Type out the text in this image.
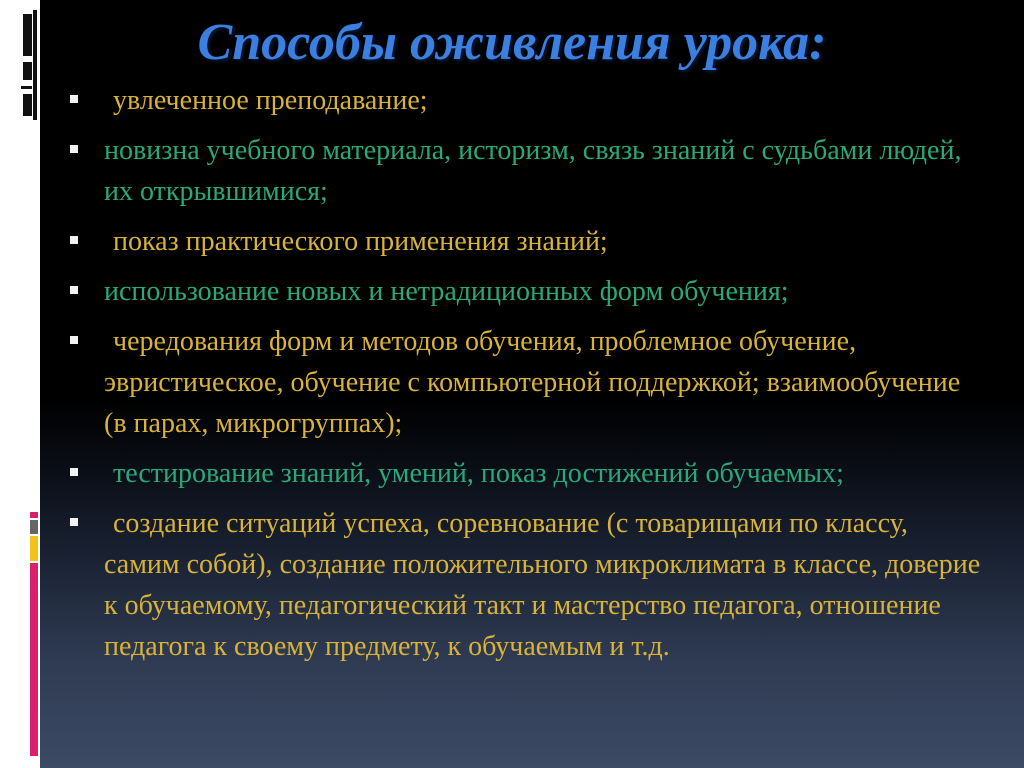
Способы оживления урока:
увлеченное преподавание;
новизна учебного материала, историзм, связь знаний с судьбами людей, их открывшимися;
показ практического применения знаний;
использование новых и нетрадиционных форм обучения;
чередования форм и методов обучения, проблемное обучение, эвристическое, обучение с компьютерной поддержкой; взаимообучение (в парах, микрогруппах);
тестирование знаний, умений, показ достижений обучаемых;
создание ситуаций успеха, соревнование (с товарищами по классу, самим собой), создание положительного микроклимата в классе, доверие к обучаемому, педагогический такт и мастерство педагога, отношение педагога к своему предмету, к обучаемым и т.д.
